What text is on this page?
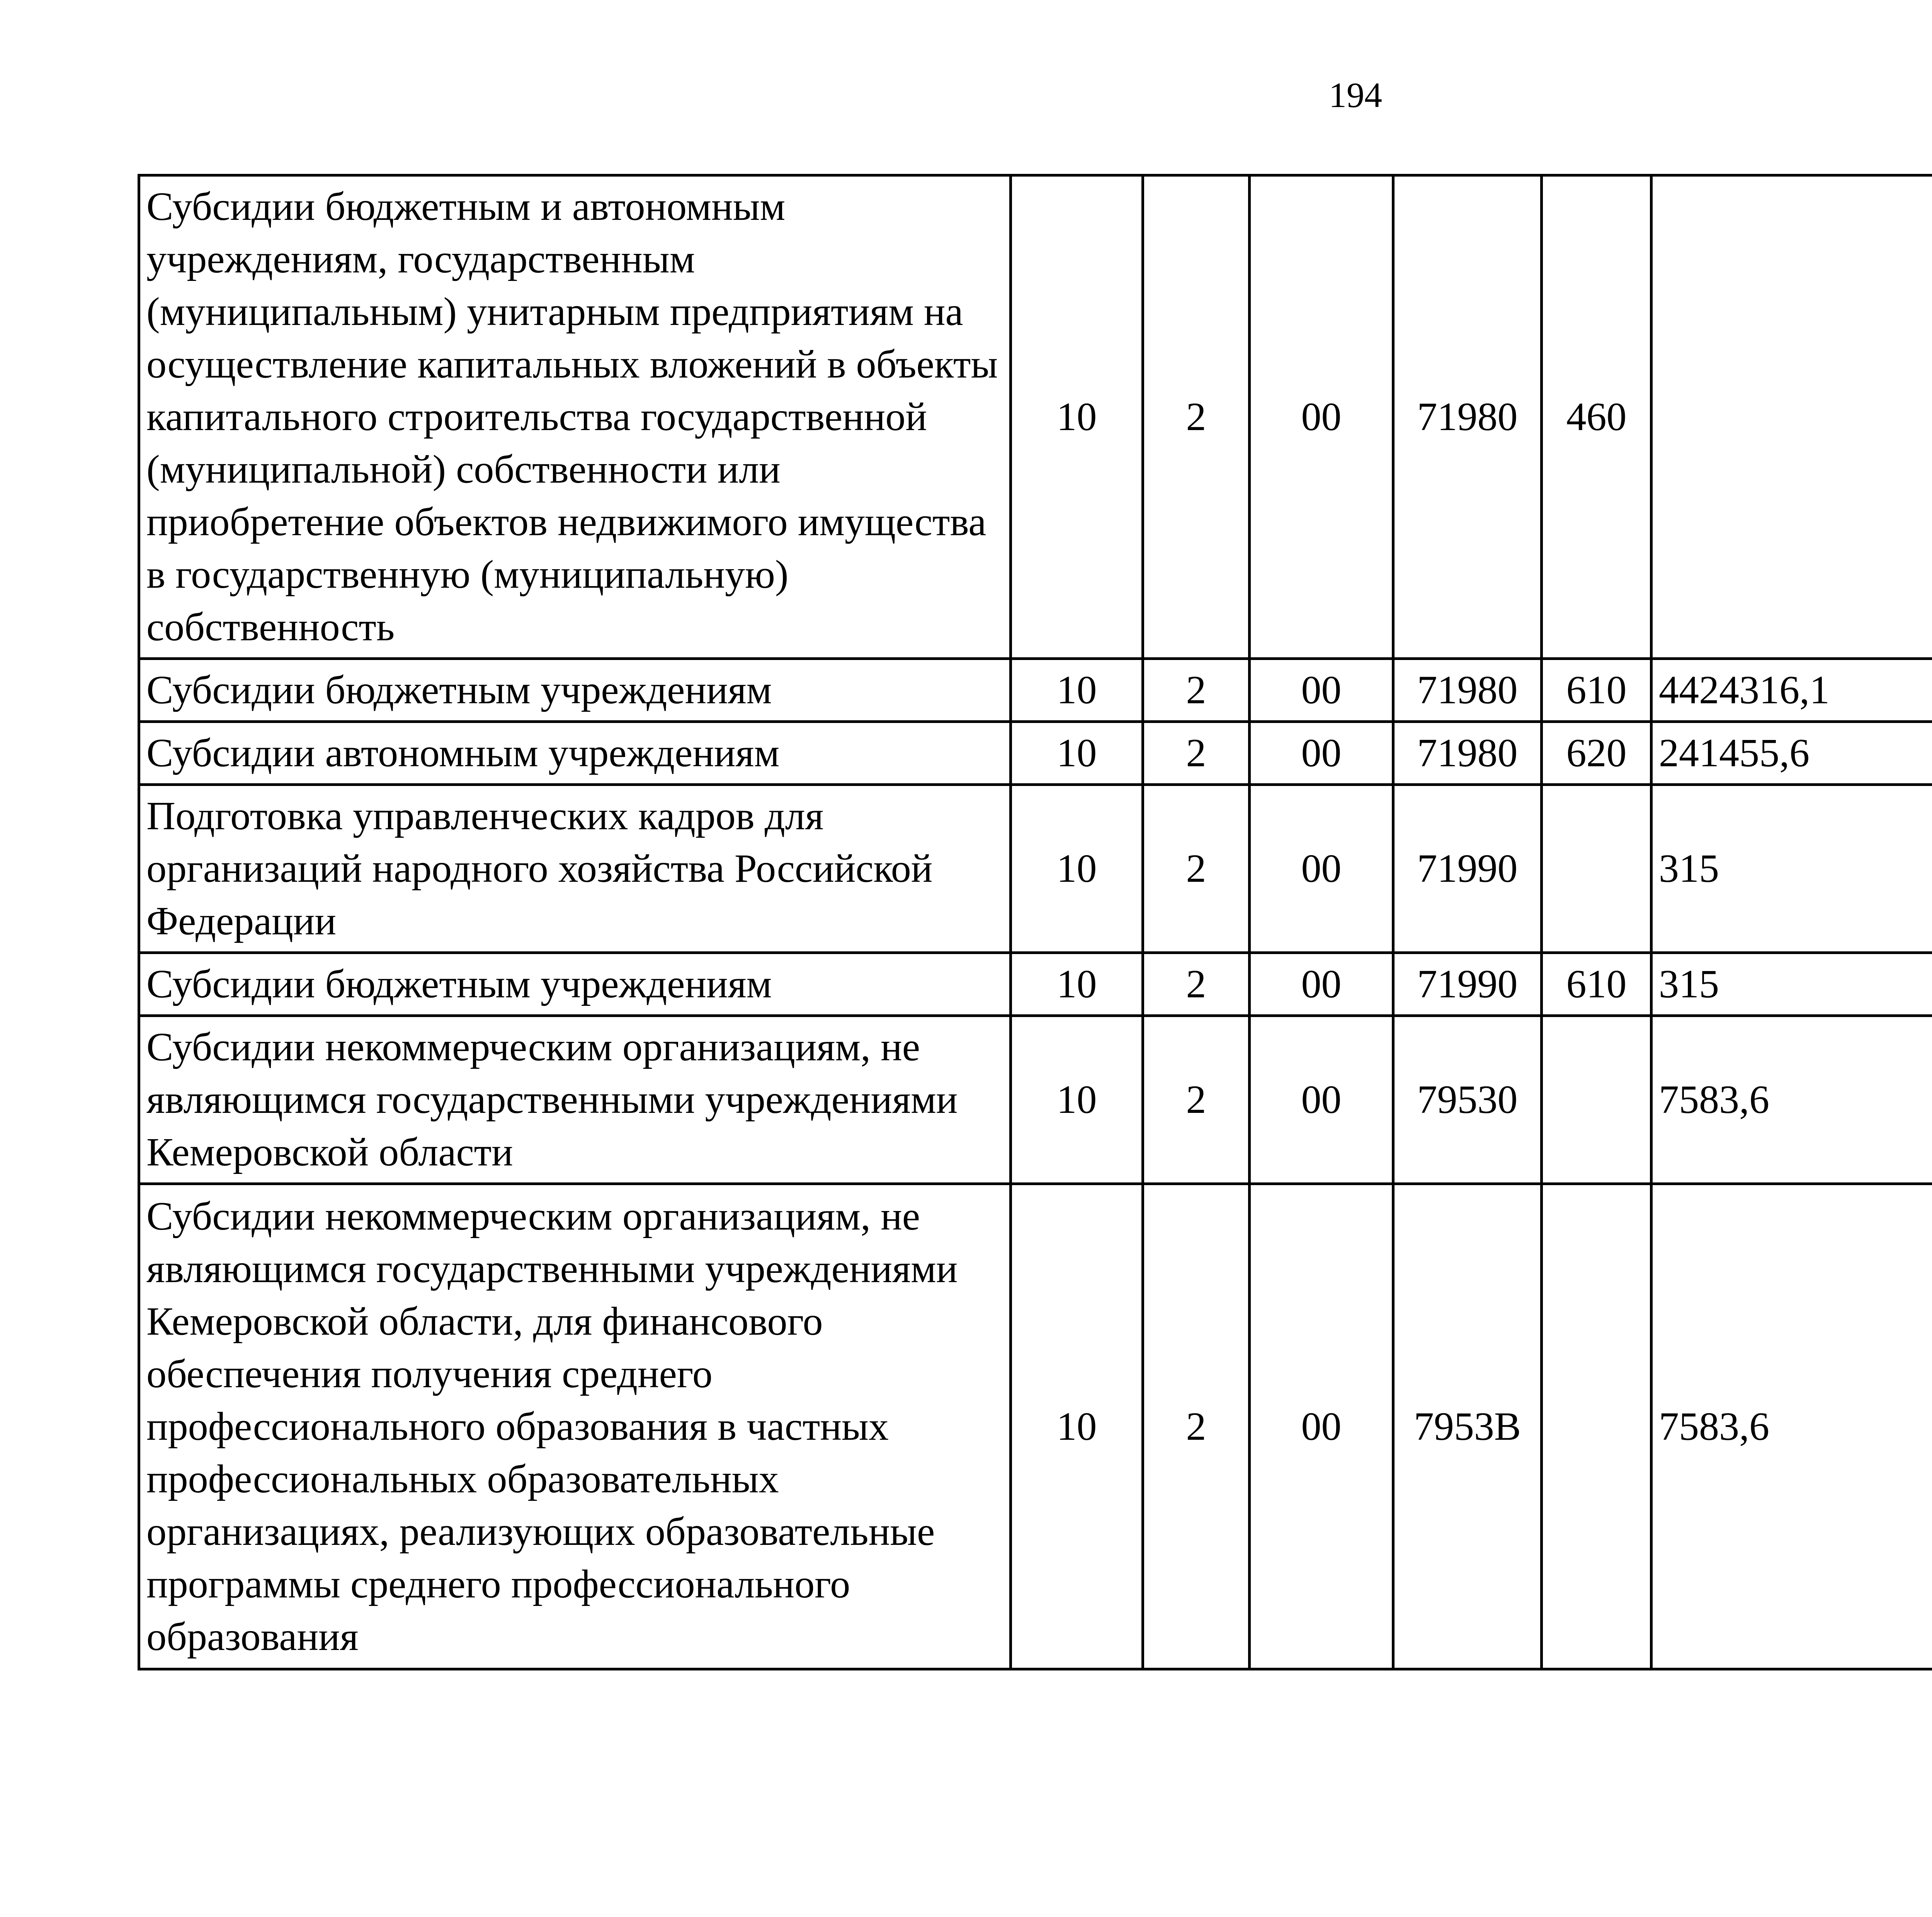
194
Субсидии бюджетным и автономным учреждениям, государственным (муниципальным) унитарным предприятиям на осуществление капитальных вложений в объекты капитального строительства государственной (муниципальной) собственности или приобретение объектов недвижимого имущества в государственную (муниципальную) собственность	10	2	00	71980	460			
Субсидии бюджетным учреждениям	10	2	00	71980	610	4424316,1		
Субсидии автономным учреждениям	10	2	00	71980	620	241455,6		
Подготовка управленческих кадров для организаций народного хозяйства Российской Федерации	10	2	00	71990		315		
Субсидии бюджетным учреждениям	10	2	00	71990	610	315		
Субсидии некоммерческим организациям, не являющимся государственными учреждениями Кемеровской области	10	2	00	79530		7583,6		
Субсидии некоммерческим организациям, не являющимся государственными учреждениями Кемеровской области, для финансового обеспечения получения среднего профессионального образования в частных профессиональных образовательных организациях, реализующих образовательные программы среднего профессионального образования	10	2	00	7953В		7583,6		
